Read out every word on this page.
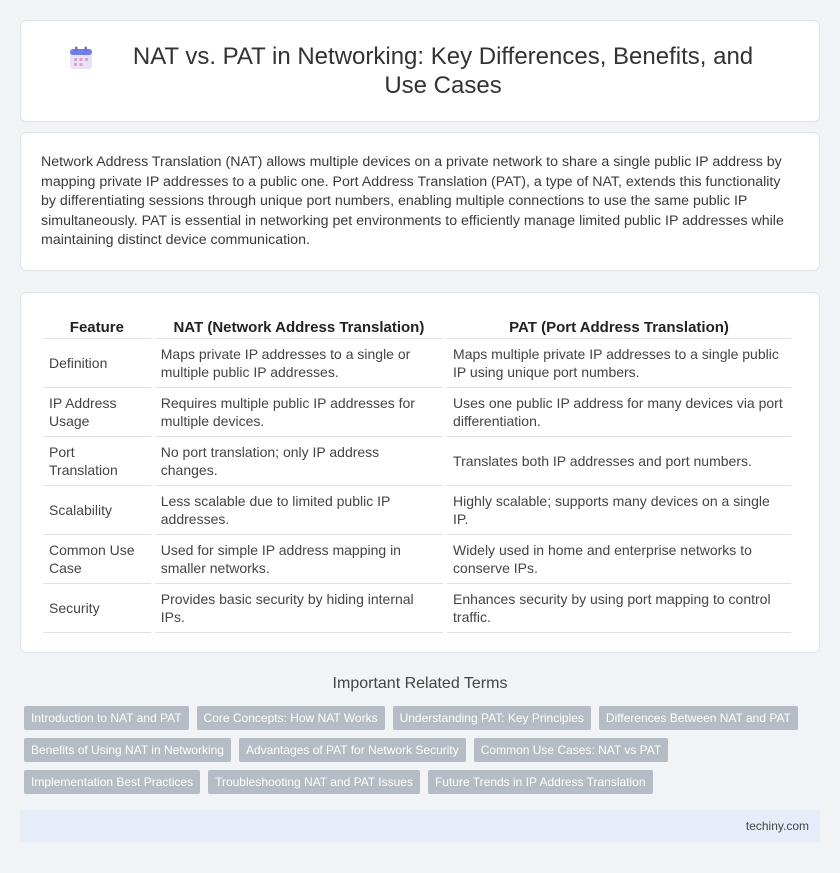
NAT vs. PAT in Networking: Key Differences, Benefits, and Use Cases

Network Address Translation (NAT) allows multiple devices on a private network to share a single public IP address by mapping private IP addresses to a public one. Port Address Translation (PAT), a type of NAT, extends this functionality by differentiating sessions through unique port numbers, enabling multiple connections to use the same public IP simultaneously. PAT is essential in networking pet environments to efficiently manage limited public IP addresses while maintaining distinct device communication.

Feature	NAT (Network Address Translation)	PAT (Port Address Translation)
Definition	Maps private IP addresses to a single or multiple public IP addresses.	Maps multiple private IP addresses to a single public IP using unique port numbers.
IP Address Usage	Requires multiple public IP addresses for multiple devices.	Uses one public IP address for many devices via port differentiation.
Port Translation	No port translation; only IP address changes.	Translates both IP addresses and port numbers.
Scalability	Less scalable due to limited public IP addresses.	Highly scalable; supports many devices on a single IP.
Common Use Case	Used for simple IP address mapping in smaller networks.	Widely used in home and enterprise networks to conserve IPs.
Security	Provides basic security by hiding internal IPs.	Enhances security by using port mapping to control traffic.
Important Related Terms
Introduction to NAT and PAT	Core Concepts: How NAT Works	Understanding PAT: Key Principles	Differences Between NAT and PAT
Benefits of Using NAT in Networking	Advantages of PAT for Network Security	Common Use Cases: NAT vs PAT
Implementation Best Practices	Troubleshooting NAT and PAT Issues	Future Trends in IP Address Translation
techiny.com
